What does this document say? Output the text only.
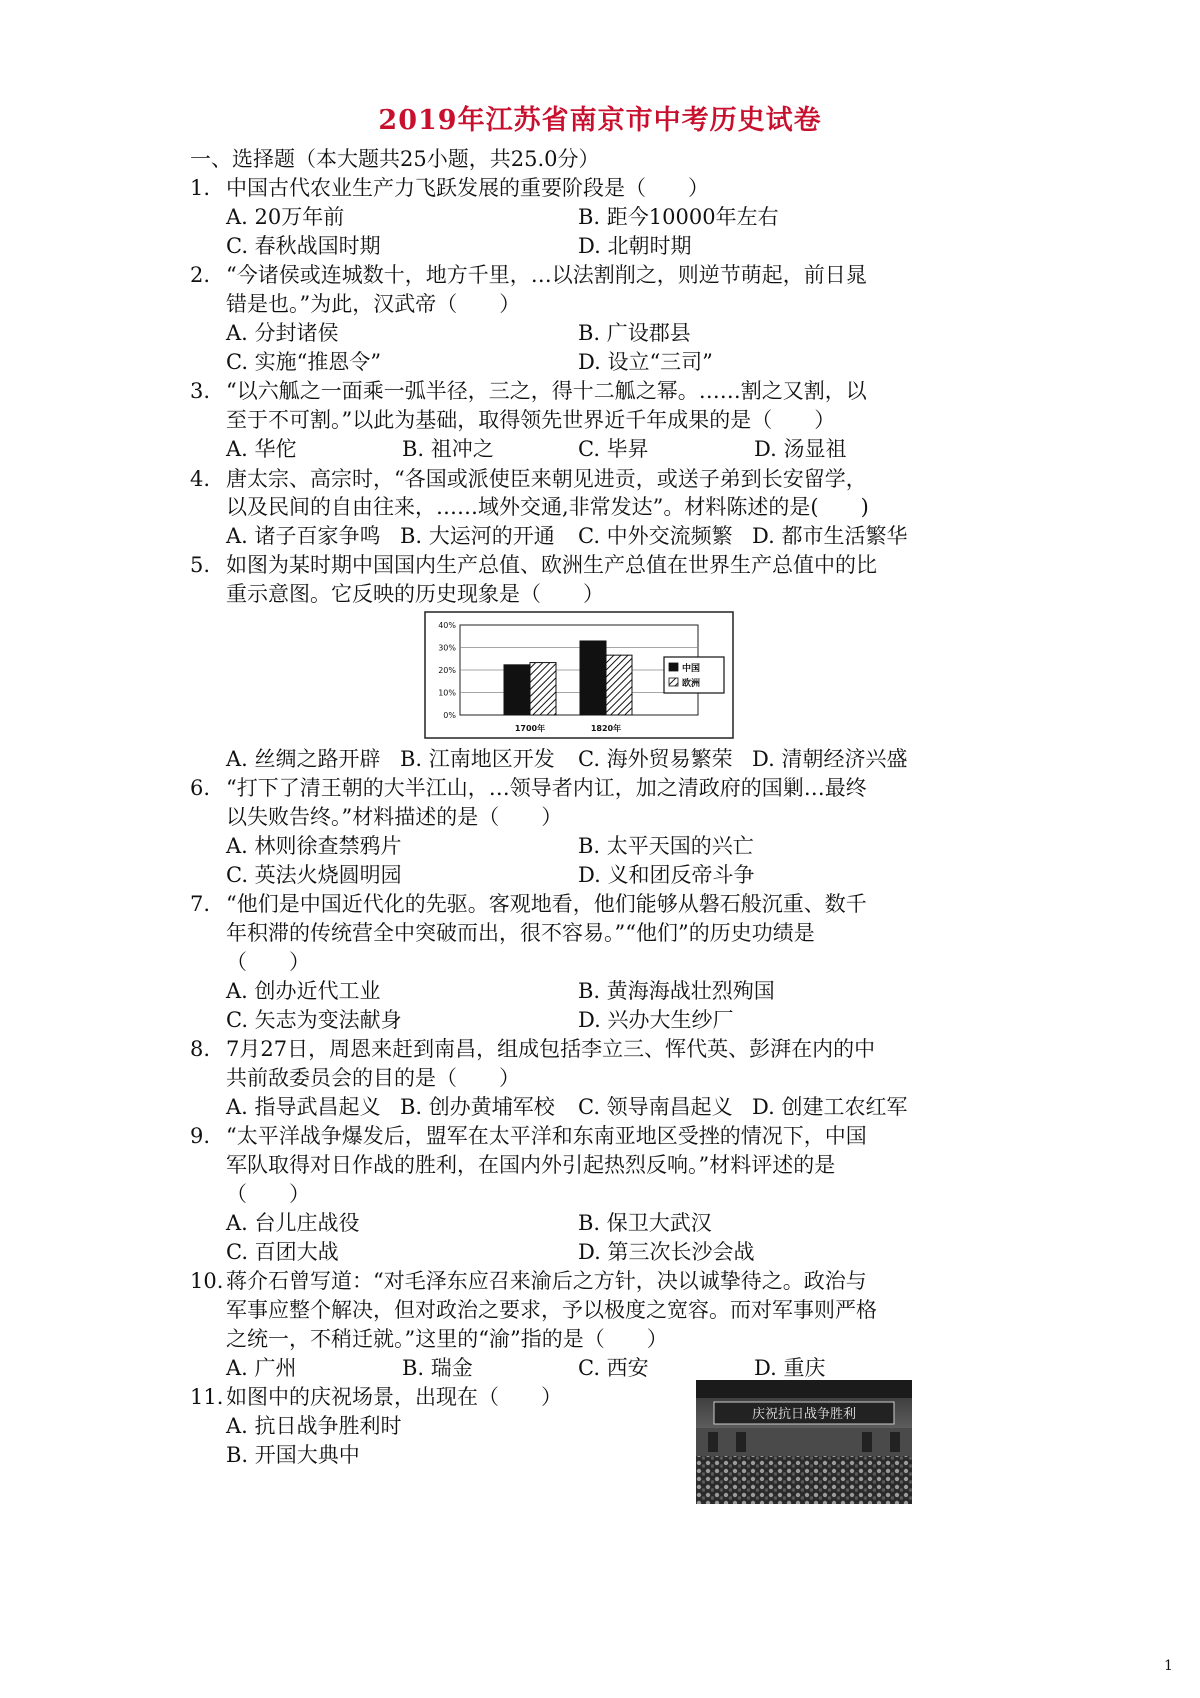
2019年江苏省南京市中考历史试卷
一、选择题（本大题共25小题，共25.0分）
1. 中国古代农业生产力飞跃发展的重要阶段是（　　）
A. 20万年前	B. 距今10000年左右
C. 春秋战国时期	D. 北朝时期
2. “今诸侯或连城数十，地方千里，…以法割削之，则逆节萌起，前日晁
错是也。”为此，汉武帝（　　）
A. 分封诸侯	B. 广设郡县
C. 实施“推恩令”	D. 设立“三司”
3. “以六觚之一面乘一弧半径，三之，得十二觚之幂。……割之又割，以
至于不可割。”以此为基础，取得领先世界近千年成果的是（　　）
A. 华佗	B. 祖冲之	C. 毕昇	D. 汤显祖
4. 唐太宗、高宗时，“各国或派使臣来朝见进贡，或送子弟到长安留学，
以及民间的自由往来，……域外交通,非常发达”。材料陈述的是(　　)
A. 诸子百家争鸣 B. 大运河的开通 C. 中外交流频繁 D. 都市生活繁华
5. 如图为某时期中国国内生产总值、欧洲生产总值在世界生产总值中的比
重示意图。它反映的历史现象是（　　）
40%
30%
20%
10%
0%
1700年	1820年
中国
欧洲
A. 丝绸之路开辟 B. 江南地区开发 C. 海外贸易繁荣 D. 清朝经济兴盛
6. “打下了清王朝的大半江山，…领导者内讧，加之清政府的国剿…最终
以失败告终。”材料描述的是（　　）
A. 林则徐查禁鸦片	B. 太平天国的兴亡
C. 英法火烧圆明园	D. 义和团反帝斗争
7. “他们是中国近代化的先驱。客观地看，他们能够从磐石般沉重、数千
年积滞的传统营全中突破而出，很不容易。”“他们”的历史功绩是
（　　）
A. 创办近代工业	B. 黄海海战壮烈殉国
C. 矢志为变法献身	D. 兴办大生纱厂
8. 7月27日，周恩来赶到南昌，组成包括李立三、恽代英、彭湃在内的中
共前敌委员会的目的是（　　）
A. 指导武昌起义 B. 创办黄埔军校 C. 领导南昌起义 D. 创建工农红军
9. “太平洋战争爆发后，盟军在太平洋和东南亚地区受挫的情况下，中国
军队取得对日作战的胜利，在国内外引起热烈反响。”材料评述的是
（　　）
A. 台儿庄战役	B. 保卫大武汉
C. 百团大战	D. 第三次长沙会战
10. 蒋介石曾写道：“对毛泽东应召来渝后之方针，决以诚挚待之。政治与
军事应整个解决，但对政治之要求，予以极度之宽容。而对军事则严格
之统一，不稍迁就。”这里的“渝”指的是（　　）
A. 广州	B. 瑞金	C. 西安	D. 重庆
11. 如图中的庆祝场景，出现在（　　）
A. 抗日战争胜利时
B. 开国大典中
庆祝抗日战争胜利
1
